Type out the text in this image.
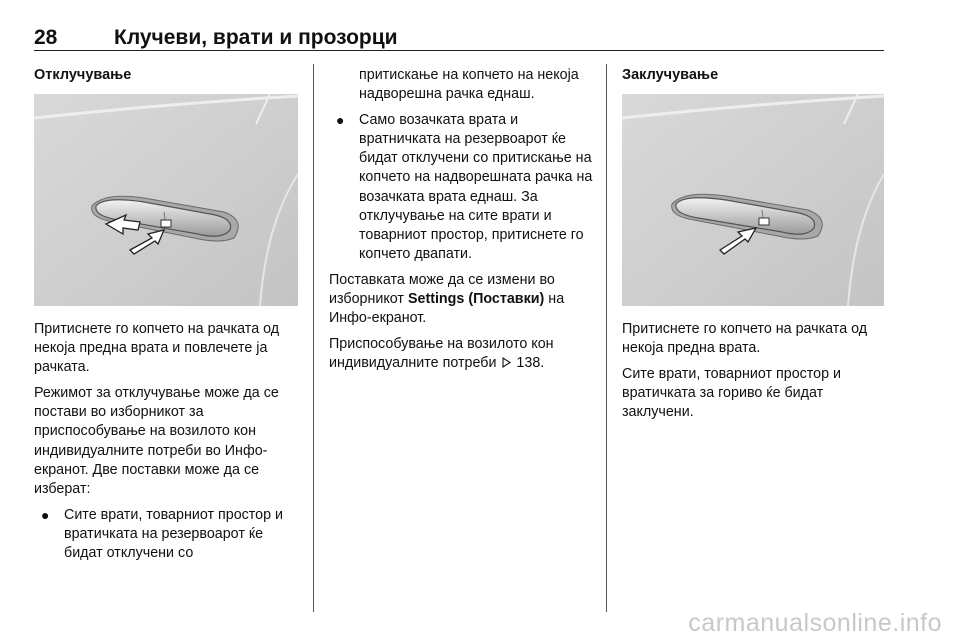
28	Клучеви, врати и прозорци

Отклучување

Притиснете го копчето на рачката од некоја предна врата и повлечете ја рачката.

Режимот за отклучување може да се постави во изборникот за приспособување на возилото кон индивидуалните потреби во Инфо-екранот. Две поставки може да се изберат:

● Сите врати, товарниот простор и вратичката на резервоарот ќе бидат отклучени со

притискање на копчето на некоја надворешна рачка еднаш.

● Само возачката врата и вратничката на резервоарот ќе бидат отклучени со притискање на копчето на надворешната рачка на возачката врата еднаш. За отклучување на сите врати и товарниот простор, притиснете го копчето двапати.

Поставката може да се измени во изборникот Settings (Поставки) на Инфо-екранот.

Приспособување на возилото кон индивидуалните потреби 138.

Заклучување

Притиснете го копчето на рачката од некоја предна врата.

Сите врати, товарниот простор и вратичката за гориво ќе бидат заклучени.

carmanualsonline.info
